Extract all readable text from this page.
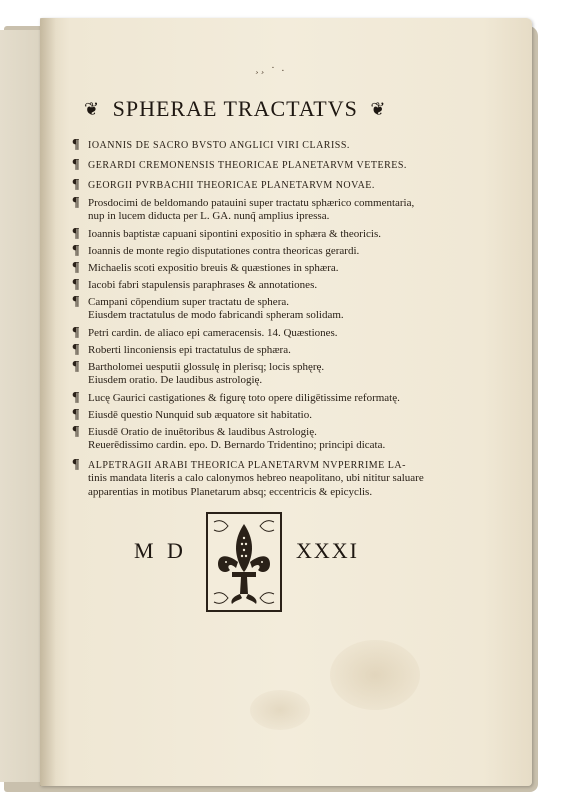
¸¸ · .
❦ SPHERAE TRACTATVS ❦
¶ IOANNIS DE SACRO BVSTO ANGLICI VIRI CLARISS.
¶ GERARDI CREMONENSIS THEORICAE PLANETARVM VETERES.
¶ GEORGII PVRBACHII THEORICAE PLANETARVM NOVAE.
¶ Prosdocimi de beldomando patauini super tractatu sphærico commentaria,
nup in lucem diducta per L. GA. nunq̃ amplius ipressa.
¶ Ioannis baptistæ capuani sipontini expositio in sphæra & theoricis.
¶ Ioannis de monte regio disputationes contra theoricas gerardi.
¶ Michaelis scoti expositio breuis & quæstiones in sphæra.
¶ Iacobi fabri stapulensis paraphrases & annotationes.
¶ Campani cōpendium super tractatu de sphera.
Eiusdem tractatulus de modo fabricandi spheram solidam.
¶ Petri cardin. de aliaco epi cameracensis. 14. Quæstiones.
¶ Roberti linconiensis epi tractatulus de sphæra.
¶ Bartholomei uesputii glossulę in plerisq; locis sphęrę.
Eiusdem oratio. De laudibus astrologię.
¶ Lucę Gaurici castigationes & figurę toto opere diligētissime reformatę.
¶ Eiusdē questio Nunquid sub æquatore sit habitatio.
¶ Eiusdē Oratio de inuētoribus & laudibus Astrologię.
Reuerēdissimo cardin. epo. D. Bernardo Tridentino; principi dicata.
¶ ALPETRAGII ARABI THEORICA PLANETARVM NVPERRIME LA-
tinis mandata literis a calo calonymos hebreo neapolitano, ubi nititur saluare
apparentias in motibus Planetarum absq; eccentricis & epicyclis.
M D	XXXI
